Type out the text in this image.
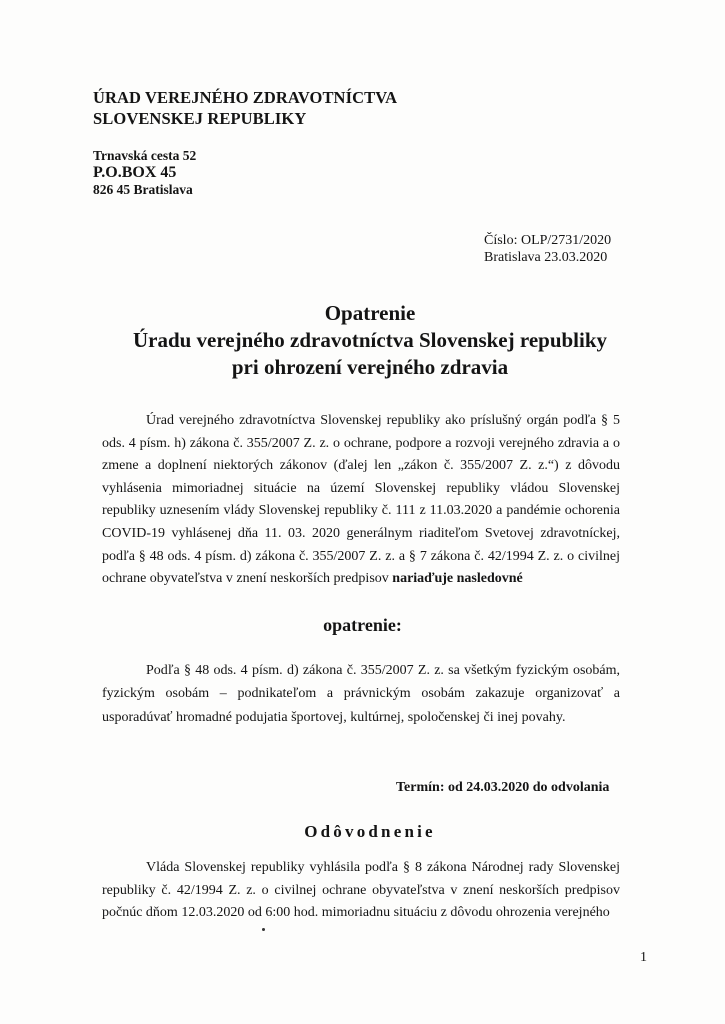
ÚRAD VEREJNÉHO ZDRAVOTNÍCTVA
SLOVENSKEJ REPUBLIKY
Trnavská cesta 52
P.O.BOX 45
826 45 Bratislava
Číslo: OLP/2731/2020
Bratislava 23.03.2020
Opatrenie
Úradu verejného zdravotníctva Slovenskej republiky
pri ohrození verejného zdravia
Úrad verejného zdravotníctva Slovenskej republiky ako príslušný orgán podľa § 5 ods. 4 písm. h) zákona č. 355/2007 Z. z. o ochrane, podpore a rozvoji verejného zdravia a o zmene a doplnení niektorých zákonov (ďalej len „zákon č. 355/2007 Z. z.“) z dôvodu vyhlásenia mimoriadnej situácie na území Slovenskej republiky vládou Slovenskej republiky uznesením vlády Slovenskej republiky č. 111 z 11.03.2020 a pandémie ochorenia COVID-19 vyhlásenej dňa 11. 03. 2020 generálnym riaditeľom Svetovej zdravotníckej, podľa § 48 ods. 4 písm. d) zákona č. 355/2007 Z. z. a § 7 zákona č. 42/1994 Z. z. o civilnej ochrane obyvateľstva v znení neskorších predpisov nariaďuje nasledovné
opatrenie:
Podľa § 48 ods. 4 písm. d) zákona č. 355/2007 Z. z. sa všetkým fyzickým osobám, fyzickým osobám – podnikateľom a právnickým osobám zakazuje organizovať a usporadúvať hromadné podujatia športovej, kultúrnej, spoločenskej či inej povahy.
Termín: od 24.03.2020 do odvolania
Odôvodnenie
Vláda Slovenskej republiky vyhlásila podľa § 8 zákona Národnej rady Slovenskej republiky č. 42/1994 Z. z. o civilnej ochrane obyvateľstva v znení neskorších predpisov počnúc dňom 12.03.2020 od 6:00 hod. mimoriadnu situáciu z dôvodu ohrozenia verejného
1
